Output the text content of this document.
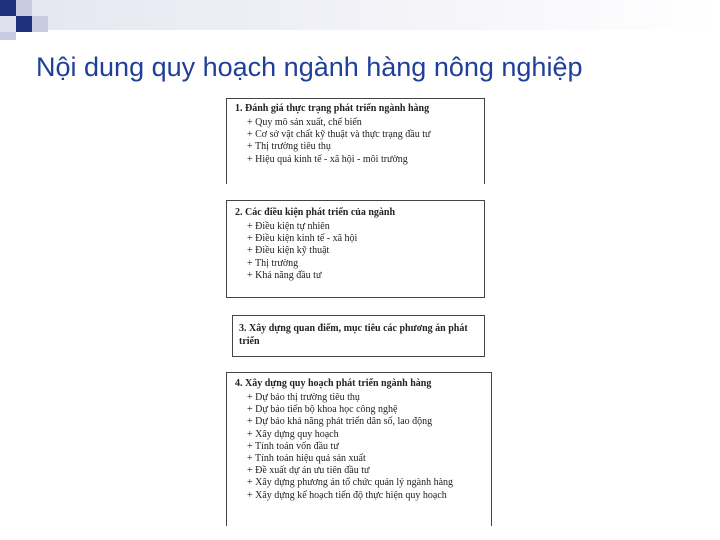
Nội dung quy hoạch ngành hàng nông nghiệp
1. Đánh giá thực trạng phát triển ngành hàng
+ Quy mô sản xuất, chế biến
+ Cơ sở vật chất kỹ thuật và thực trạng đầu tư
+ Thị trường tiêu thụ
+ Hiệu quả kinh tế - xã hội - môi trường
2. Các điều kiện phát triển của ngành
+ Điều kiện tự nhiên
+ Điều kiện kinh tế - xã hội
+ Điều kiện kỹ thuật
+ Thị trường
+ Khả năng đầu tư
3. Xây dựng quan điểm, mục tiêu các phương án phát triển
4. Xây dựng quy hoạch phát triển ngành hàng
+ Dự báo thị trường tiêu thụ
+ Dự báo tiến bộ khoa học công nghệ
+ Dự báo khả năng phát triển dân số, lao động
+ Xây dựng quy hoạch
+ Tính toán vốn đầu tư
+ Tính toán hiệu quả sản xuất
+ Đề xuất dự án ưu tiên đầu tư
+ Xây dựng phương án tổ chức quản lý ngành hàng
+ Xây dựng kế hoạch tiến độ thực hiện quy hoạch
